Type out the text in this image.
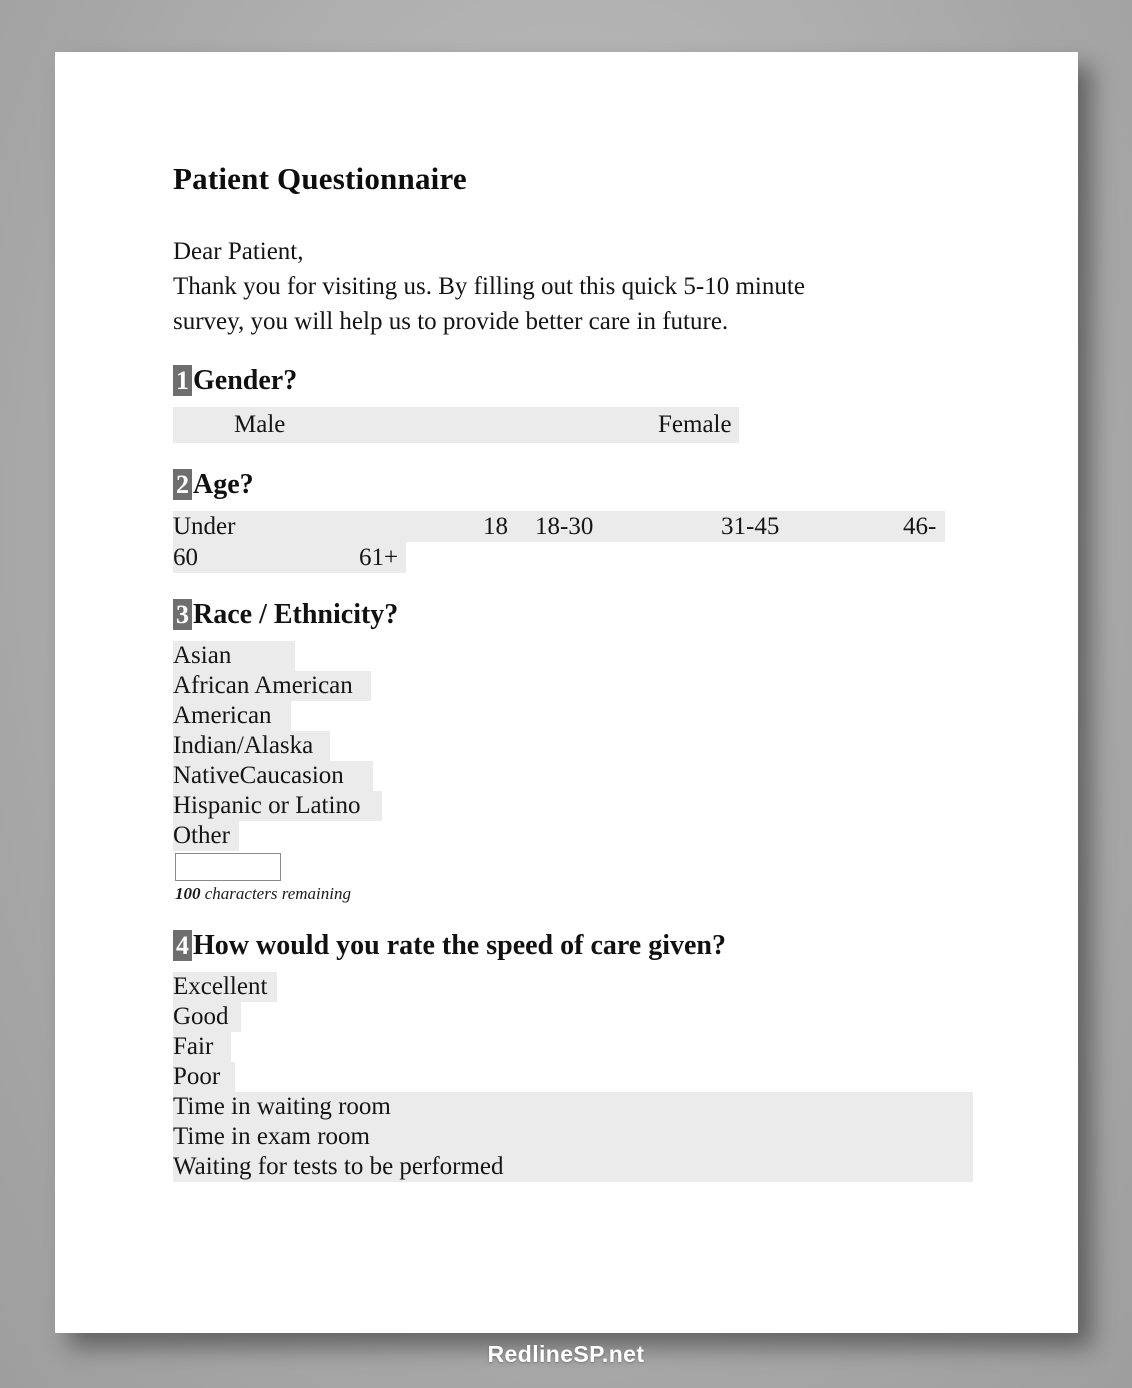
Patient Questionnaire
Dear Patient,
Thank you for visiting us. By filling out this quick 5-10 minute
survey, you will help us to provide better care in future.
1 Gender?
Male	Female
2 Age?
Under	18 18-30	31-45	46-
60	61+
3 Race / Ethnicity?
Asian
African American
American
Indian/Alaska
NativeCaucasion
Hispanic or Latino
Other
100 characters remaining
4 How would you rate the speed of care given?
Excellent
Good
Fair
Poor
Time in waiting room
Time in exam room
Waiting for tests to be performed
RedlineSP.net
